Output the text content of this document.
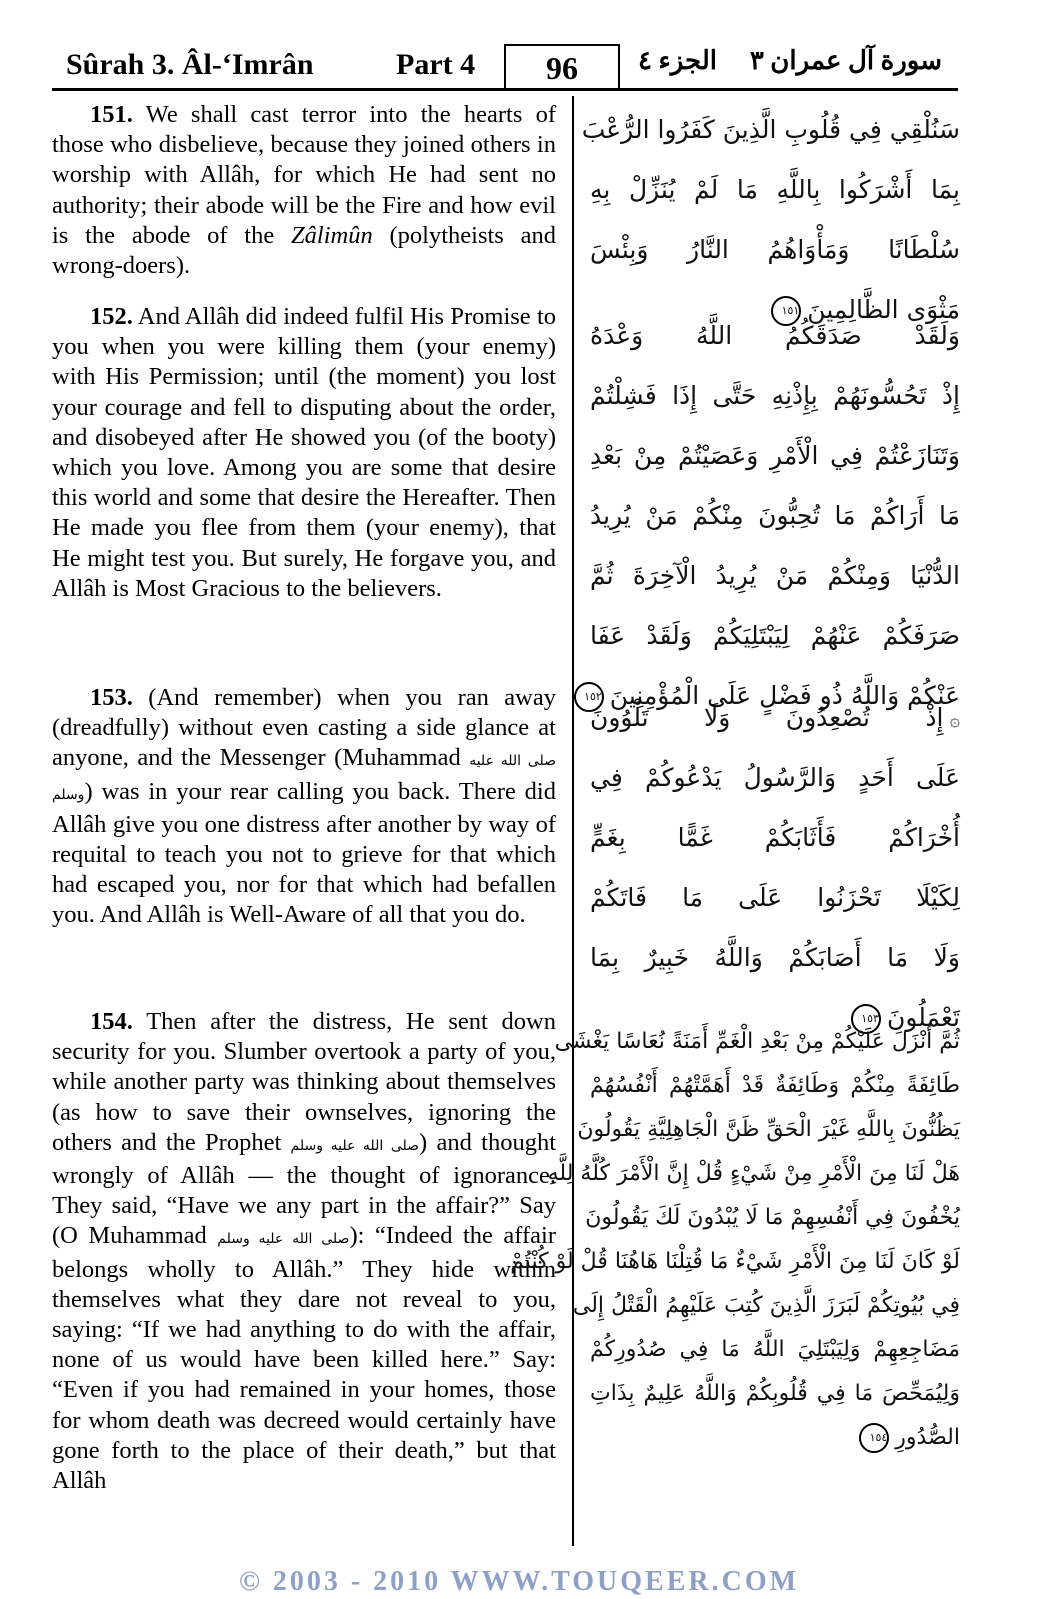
Sûrah 3. Âl-‘Imrân	Part 4	96	الجزء ٤ سورة آل عمران ٣

151. We shall cast terror into the hearts of those who disbelieve, because they joined others in worship with Allâh, for which He had sent no authority; their abode will be the Fire and how evil is the abode of the Zâlimûn (polytheists and wrong-doers).

152. And Allâh did indeed fulfil His Promise to you when you were killing them (your enemy) with His Permission; until (the moment) you lost your courage and fell to disputing about the order, and disobeyed after He showed you (of the booty) which you love. Among you are some that desire this world and some that desire the Hereafter. Then He made you flee from them (your enemy), that He might test you. But surely, He forgave you, and Allâh is Most Gracious to the believers.

153. (And remember) when you ran away (dreadfully) without even casting a side glance at anyone, and the Messenger (Muhammad صلى الله عليه وسلم) was in your rear calling you back. There did Allâh give you one distress after another by way of requital to teach you not to grieve for that which had escaped you, nor for that which had befallen you. And Allâh is Well-Aware of all that you do.

154. Then after the distress, He sent down security for you. Slumber overtook a party of you, while another party was thinking about themselves (as how to save their ownselves, ignoring the others and the Prophet صلى الله عليه وسلم) and thought wrongly of Allâh — the thought of ignorance. They said, “Have we any part in the affair?” Say (O Muhammad صلى الله عليه وسلم): “Indeed the affair belongs wholly to Allâh.” They hide within themselves what they dare not reveal to you, saying: “If we had anything to do with the affair, none of us would have been killed here.” Say: “Even if you had remained in your homes, those for whom death was decreed would certainly have gone forth to the place of their death,” but that Allâh

سَنُلْقِي فِي قُلُوبِ الَّذِينَ كَفَرُوا الرُّعْبَ
بِمَا أَشْرَكُوا بِاللَّهِ مَا لَمْ يُنَزِّلْ بِهِ
سُلْطَانًا وَمَأْوَاهُمُ النَّارُ وَبِئْسَ
مَثْوَى الظَّالِمِينَ١٥١
وَلَقَدْ صَدَقَكُمُ اللَّهُ وَعْدَهُ
إِذْ تَحُسُّونَهُمْ بِإِذْنِهِ حَتَّى إِذَا فَشِلْتُمْ
وَتَنَازَعْتُمْ فِي الْأَمْرِ وَعَصَيْتُمْ مِنْ بَعْدِ
مَا أَرَاكُمْ مَا تُحِبُّونَ مِنْكُمْ مَنْ يُرِيدُ
الدُّنْيَا وَمِنْكُمْ مَنْ يُرِيدُ الْآخِرَةَ ثُمَّ
صَرَفَكُمْ عَنْهُمْ لِيَبْتَلِيَكُمْ وَلَقَدْ عَفَا
عَنْكُمْ وَاللَّهُ ذُو فَضْلٍ عَلَى الْمُؤْمِنِينَ١٥٢
۞إِذْ تُصْعِدُونَ وَلَا تَلْوُونَ
عَلَى أَحَدٍ وَالرَّسُولُ يَدْعُوكُمْ فِي
أُخْرَاكُمْ فَأَثَابَكُمْ غَمًّا بِغَمٍّ
لِكَيْلَا تَحْزَنُوا عَلَى مَا فَاتَكُمْ
وَلَا مَا أَصَابَكُمْ وَاللَّهُ خَبِيرٌ بِمَا
تَعْمَلُونَ١٥٣
ثُمَّ أَنْزَلَ عَلَيْكُمْ مِنْ بَعْدِ الْغَمِّ أَمَنَةً نُعَاسًا يَغْشَى
طَائِفَةً مِنْكُمْ وَطَائِفَةٌ قَدْ أَهَمَّتْهُمْ أَنْفُسُهُمْ
يَظُنُّونَ بِاللَّهِ غَيْرَ الْحَقِّ ظَنَّ الْجَاهِلِيَّةِ يَقُولُونَ
هَلْ لَنَا مِنَ الْأَمْرِ مِنْ شَيْءٍ قُلْ إِنَّ الْأَمْرَ كُلَّهُ لِلَّهِ
يُخْفُونَ فِي أَنْفُسِهِمْ مَا لَا يُبْدُونَ لَكَ يَقُولُونَ
لَوْ كَانَ لَنَا مِنَ الْأَمْرِ شَيْءٌ مَا قُتِلْنَا هَاهُنَا قُلْ لَوْ كُنْتُمْ
فِي بُيُوتِكُمْ لَبَرَزَ الَّذِينَ كُتِبَ عَلَيْهِمُ الْقَتْلُ إِلَى
مَضَاجِعِهِمْ وَلِيَبْتَلِيَ اللَّهُ مَا فِي صُدُورِكُمْ
وَلِيُمَحِّصَ مَا فِي قُلُوبِكُمْ وَاللَّهُ عَلِيمٌ بِذَاتِ
الصُّدُورِ١٥٤
© 2003 - 2010 WWW.TOUQEER.COM
